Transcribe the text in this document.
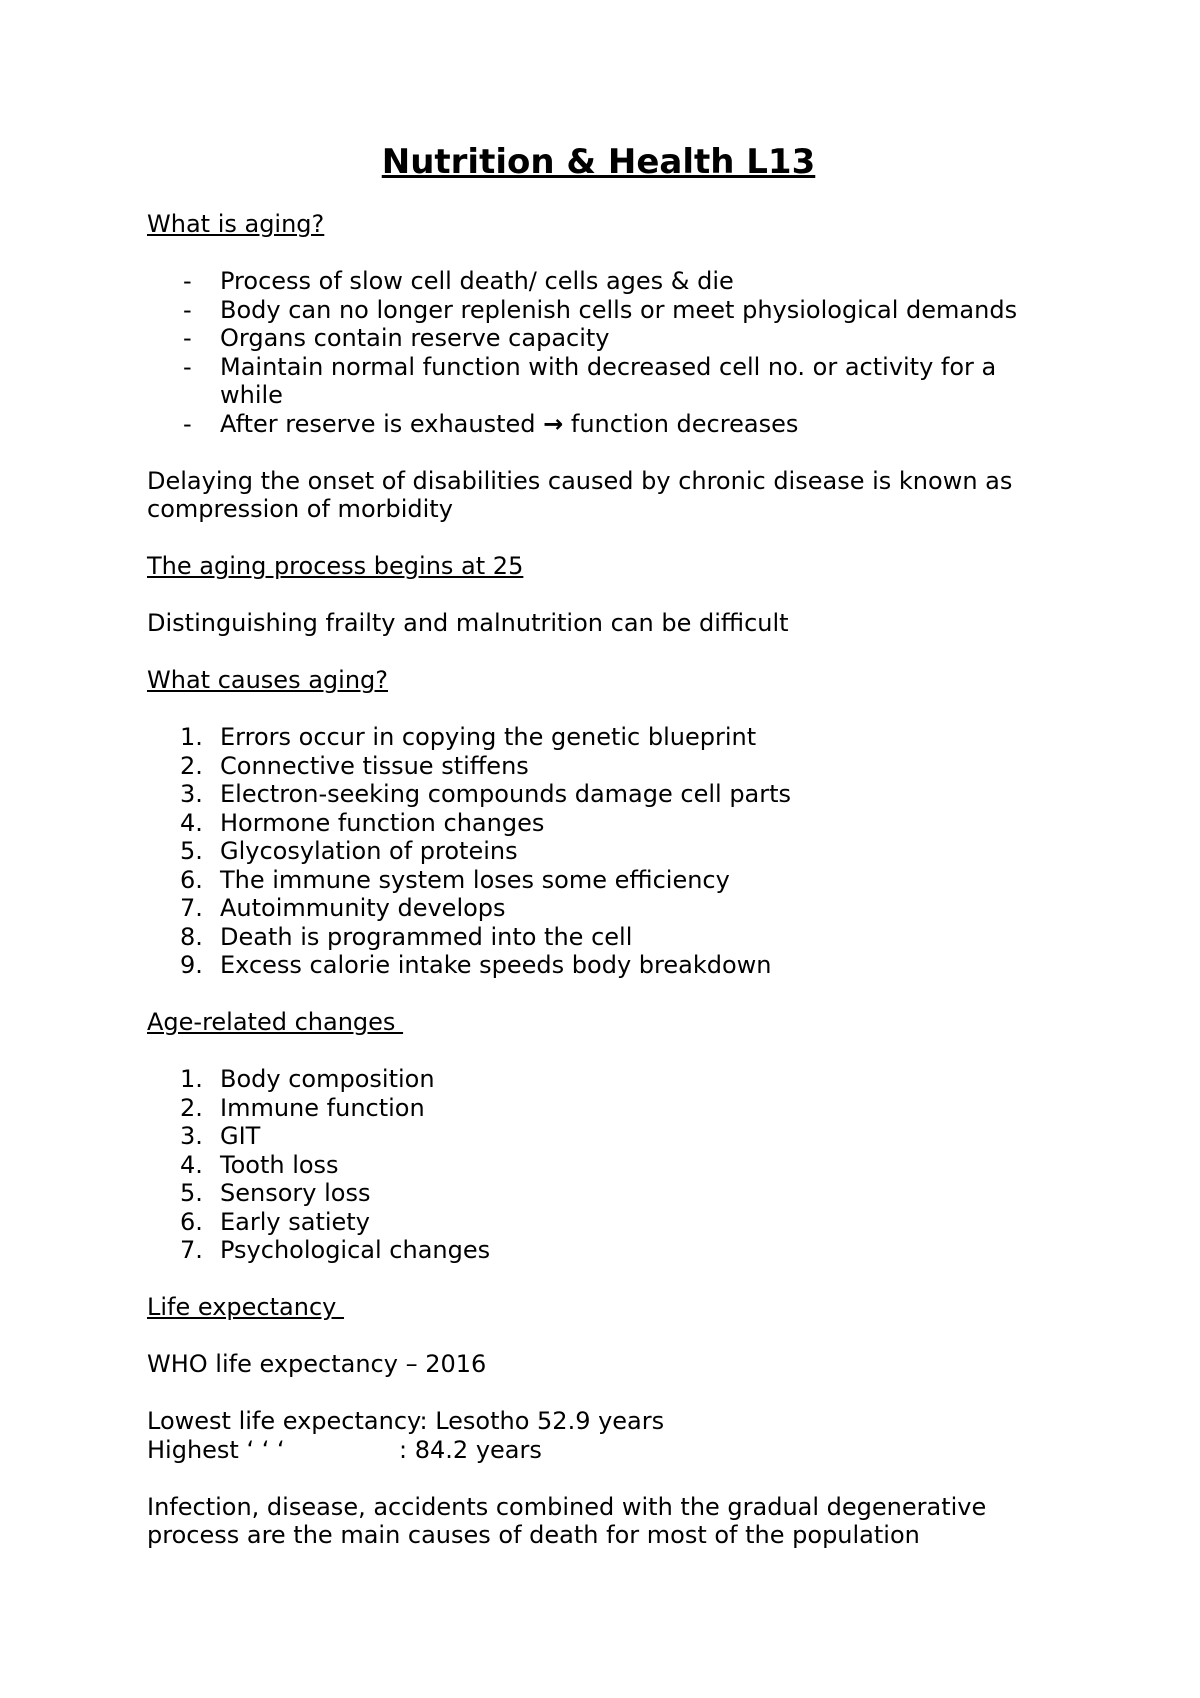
Nutrition & Health L13
What is aging?
- Process of slow cell death/ cells ages & die
- Body can no longer replenish cells or meet physiological demands
- Organs contain reserve capacity
- Maintain normal function with decreased cell no. or activity for a while
- After reserve is exhausted → function decreases
Delaying the onset of disabilities caused by chronic disease is known as compression of morbidity
The aging process begins at 25
Distinguishing frailty and malnutrition can be difficult
What causes aging?
1. Errors occur in copying the genetic blueprint
2. Connective tissue stiffens
3. Electron-seeking compounds damage cell parts
4. Hormone function changes
5. Glycosylation of proteins
6. The immune system loses some efficiency
7. Autoimmunity develops
8. Death is programmed into the cell
9. Excess calorie intake speeds body breakdown
Age-related changes
1. Body composition
2. Immune function
3. GIT
4. Tooth loss
5. Sensory loss
6. Early satiety
7. Psychological changes
Life expectancy
WHO life expectancy – 2016
Lowest life expectancy: Lesotho 52.9 years
Highest ‘ ‘ ‘               : 84.2 years
Infection, disease, accidents combined with the gradual degenerative process are the main causes of death for most of the population
